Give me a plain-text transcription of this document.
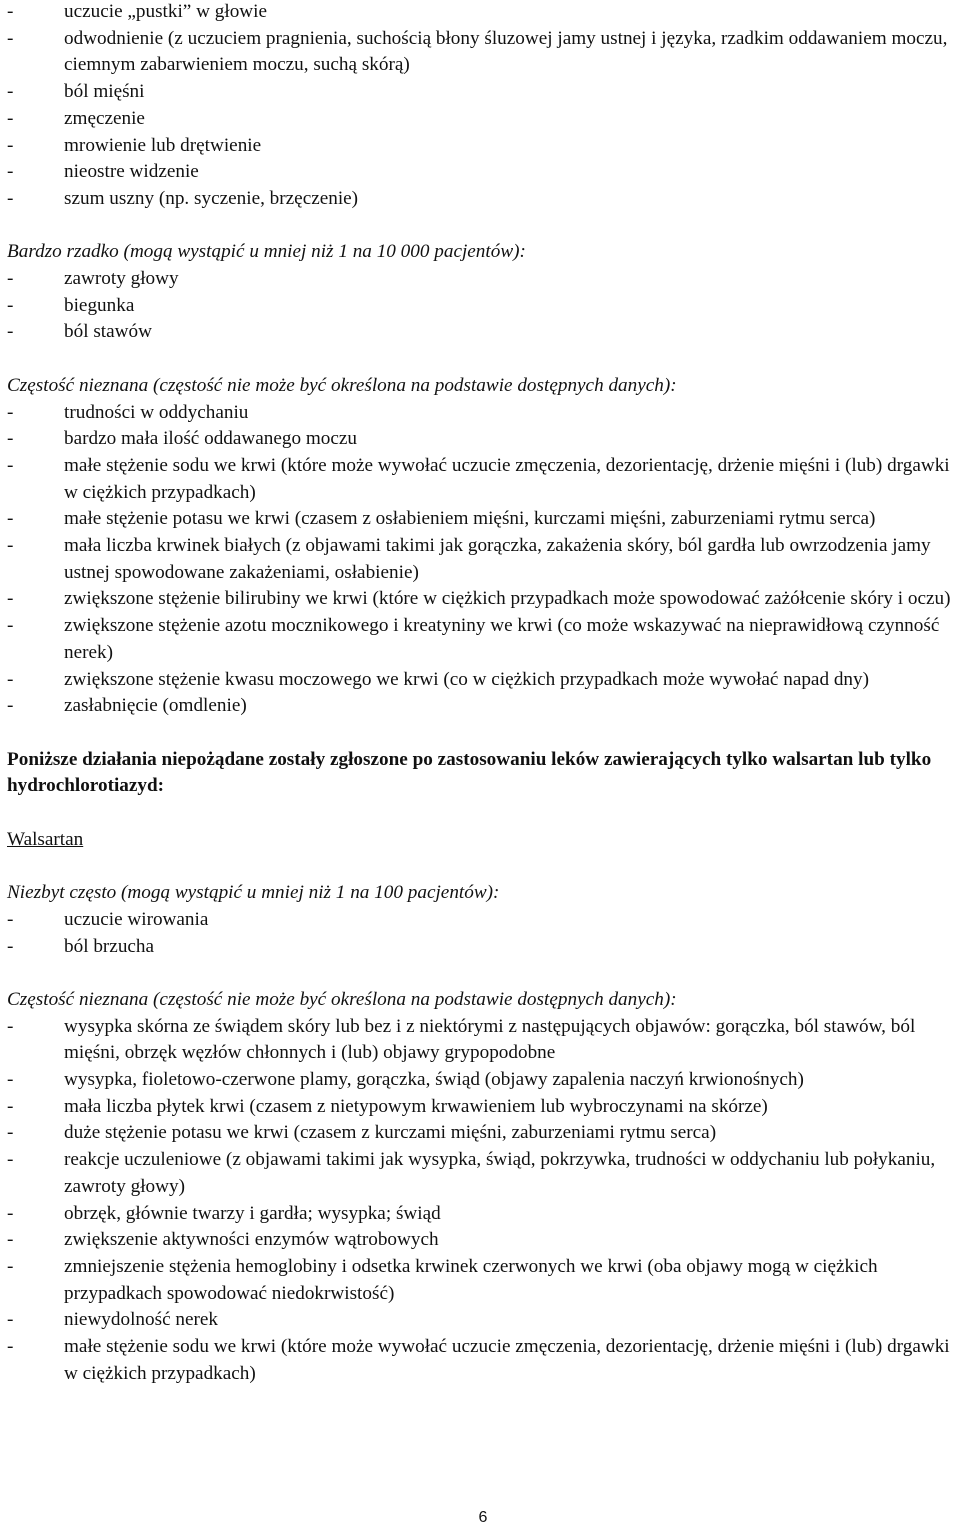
- uczucie „pustki” w głowie
- odwodnienie (z uczuciem pragnienia, suchością błony śluzowej jamy ustnej i języka, rzadkim oddawaniem moczu, ciemnym zabarwieniem moczu, suchą skórą)
- ból mięśni
- zmęczenie
- mrowienie lub drętwienie
- nieostre widzenie
- szum uszny (np. syczenie, brzęczenie)
Bardzo rzadko (mogą wystąpić u mniej niż 1 na 10 000 pacjentów):
- zawroty głowy
- biegunka
- ból stawów
Częstość nieznana (częstość nie może być określona na podstawie dostępnych danych):
- trudności w oddychaniu
- bardzo mała ilość oddawanego moczu
- małe stężenie sodu we krwi (które może wywołać uczucie zmęczenia, dezorientację, drżenie mięśni i (lub) drgawki w ciężkich przypadkach)
- małe stężenie potasu we krwi (czasem z osłabieniem mięśni, kurczami mięśni, zaburzeniami rytmu serca)
- mała liczba krwinek białych (z objawami takimi jak gorączka, zakażenia skóry, ból gardła lub owrzodzenia jamy ustnej spowodowane zakażeniami, osłabienie)
- zwiększone stężenie bilirubiny we krwi (które w ciężkich przypadkach może spowodować zażółcenie skóry i oczu)
- zwiększone stężenie azotu mocznikowego i kreatyniny we krwi (co może wskazywać na nieprawidłową czynność nerek)
- zwiększone stężenie kwasu moczowego we krwi (co w ciężkich przypadkach może wywołać napad dny)
- zasłabnięcie (omdlenie)
Poniższe działania niepożądane zostały zgłoszone po zastosowaniu leków zawierających tylko walsartan lub tylko hydrochlorotiazyd:
Walsartan
Niezbyt często (mogą wystąpić u mniej niż 1 na 100 pacjentów):
- uczucie wirowania
- ból brzucha
Częstość nieznana (częstość nie może być określona na podstawie dostępnych danych):
- wysypka skórna ze świądem skóry lub bez i z niektórymi z następujących objawów: gorączka, ból stawów, ból mięśni, obrzęk węzłów chłonnych i (lub) objawy grypopodobne
- wysypka, fioletowo-czerwone plamy, gorączka, świąd (objawy zapalenia naczyń krwionośnych)
- mała liczba płytek krwi (czasem z nietypowym krwawieniem lub wybroczynami na skórze)
- duże stężenie potasu we krwi (czasem z kurczami mięśni, zaburzeniami rytmu serca)
- reakcje uczuleniowe (z objawami takimi jak wysypka, świąd, pokrzywka, trudności w oddychaniu lub połykaniu, zawroty głowy)
- obrzęk, głównie twarzy i gardła; wysypka; świąd
- zwiększenie aktywności enzymów wątrobowych
- zmniejszenie stężenia hemoglobiny i odsetka krwinek czerwonych we krwi (oba objawy mogą w ciężkich przypadkach spowodować niedokrwistość)
- niewydolność nerek
- małe stężenie sodu we krwi (które może wywołać uczucie zmęczenia, dezorientację, drżenie mięśni i (lub) drgawki w ciężkich przypadkach)
6
